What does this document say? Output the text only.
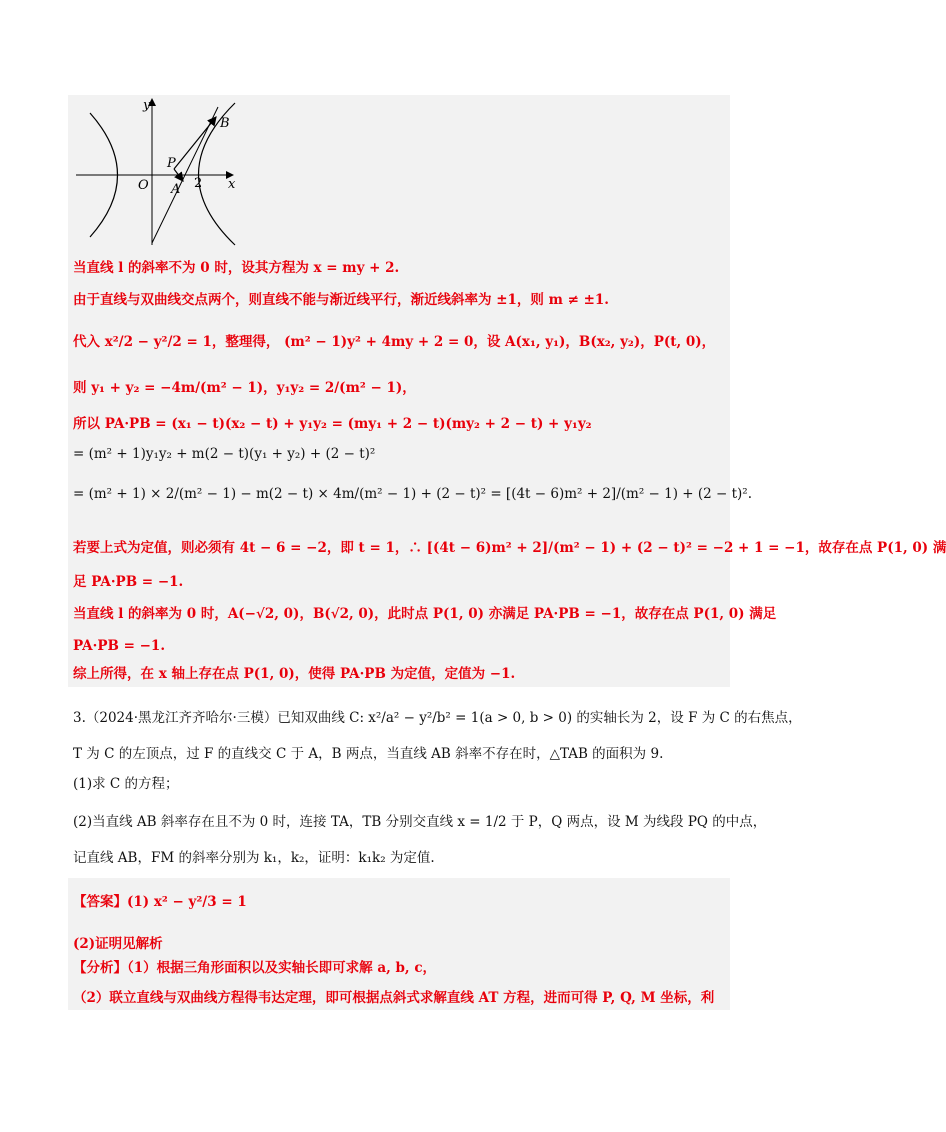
y
x
O
P
A
B
2
当直线 l 的斜率不为 0 时，设其方程为 x = my + 2.
由于直线与双曲线交点两个，则直线不能与渐近线平行，渐近线斜率为 ±1，则 m ≠ ±1.
代入 x²/2 − y²/2 = 1，整理得， (m² − 1)y² + 4my + 2 = 0，设 A(x₁, y₁)，B(x₂, y₂)，P(t, 0)，
则 y₁ + y₂ = −4m/(m² − 1)，y₁y₂ = 2/(m² − 1)，
所以 PA·PB = (x₁ − t)(x₂ − t) + y₁y₂ = (my₁ + 2 − t)(my₂ + 2 − t) + y₁y₂
= (m² + 1)y₁y₂ + m(2 − t)(y₁ + y₂) + (2 − t)²
= (m² + 1) × 2/(m² − 1) − m(2 − t) × 4m/(m² − 1) + (2 − t)² = [(4t − 6)m² + 2]/(m² − 1) + (2 − t)².
若要上式为定值，则必须有 4t − 6 = −2，即 t = 1，∴ [(4t − 6)m² + 2]/(m² − 1) + (2 − t)² = −2 + 1 = −1，故存在点 P(1, 0) 满
足 PA·PB = −1.
当直线 l 的斜率为 0 时，A(−√2, 0)，B(√2, 0)，此时点 P(1, 0) 亦满足 PA·PB = −1，故存在点 P(1, 0) 满足
PA·PB = −1.
综上所得，在 x 轴上存在点 P(1, 0)，使得 PA·PB 为定值，定值为 −1.
3.（2024·黑龙江齐齐哈尔·三模）已知双曲线 C: x²/a² − y²/b² = 1(a > 0, b > 0) 的实轴长为 2，设 F 为 C 的右焦点，
T 为 C 的左顶点，过 F 的直线交 C 于 A，B 两点，当直线 AB 斜率不存在时，△TAB 的面积为 9.
(1)求 C 的方程；
(2)当直线 AB 斜率存在且不为 0 时，连接 TA，TB 分别交直线 x = 1/2 于 P，Q 两点，设 M 为线段 PQ 的中点，
记直线 AB，FM 的斜率分别为 k₁，k₂，证明：k₁k₂ 为定值.
【答案】(1) x² − y²/3 = 1
(2)证明见解析
【分析】（1）根据三角形面积以及实轴长即可求解 a, b, c，
（2）联立直线与双曲线方程得韦达定理，即可根据点斜式求解直线 AT 方程，进而可得 P, Q, M 坐标，利
